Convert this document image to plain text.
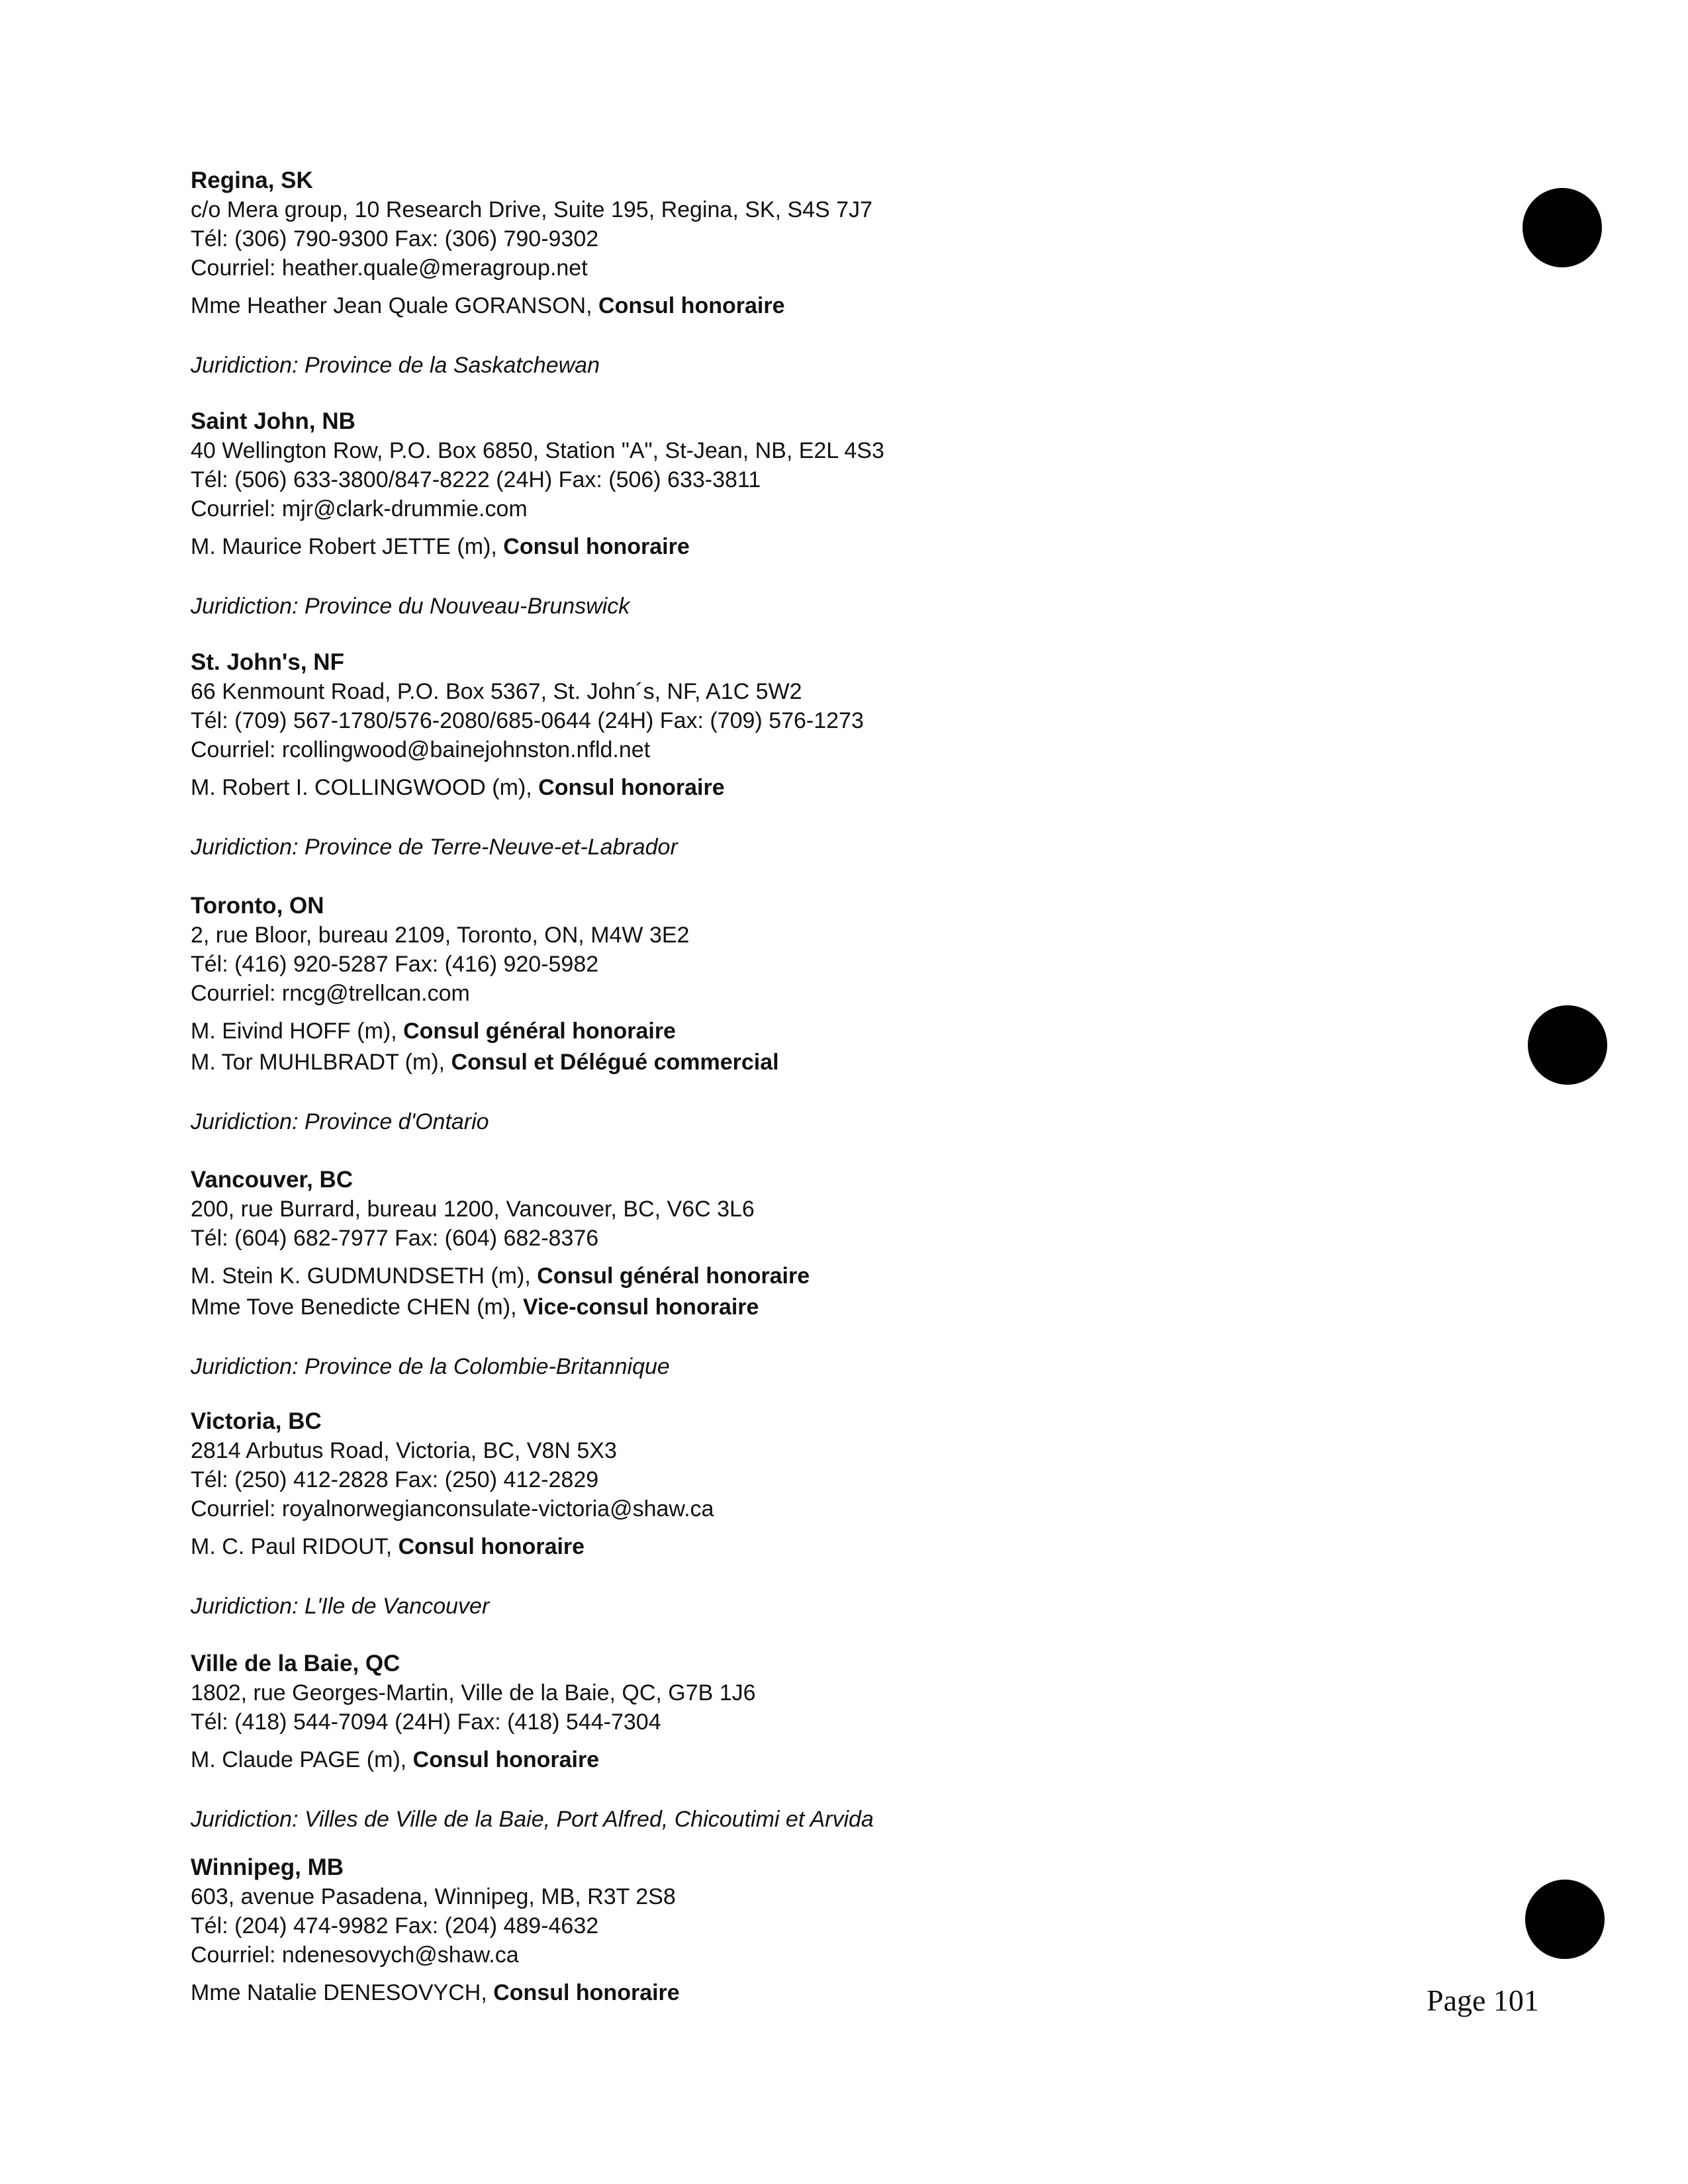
Regina, SK
c/o Mera group, 10 Research Drive, Suite 195, Regina, SK, S4S 7J7
Tél: (306) 790-9300 Fax: (306) 790-9302
Courriel: heather.quale@meragroup.net
Mme Heather Jean Quale GORANSON, Consul honoraire
Juridiction: Province de la Saskatchewan
Saint John, NB
40 Wellington Row, P.O. Box 6850, Station "A", St-Jean, NB, E2L 4S3
Tél: (506) 633-3800/847-8222 (24H) Fax: (506) 633-3811
Courriel: mjr@clark-drummie.com
M. Maurice Robert JETTE (m), Consul honoraire
Juridiction: Province du Nouveau-Brunswick
St. John's, NF
66 Kenmount Road, P.O. Box 5367, St. John´s, NF, A1C 5W2
Tél: (709) 567-1780/576-2080/685-0644 (24H) Fax: (709) 576-1273
Courriel: rcollingwood@bainejohnston.nfld.net
M. Robert I. COLLINGWOOD (m), Consul honoraire
Juridiction: Province de Terre-Neuve-et-Labrador
Toronto, ON
2, rue Bloor, bureau 2109, Toronto, ON, M4W 3E2
Tél: (416) 920-5287 Fax: (416) 920-5982
Courriel: rncg@trellcan.com
M. Eivind HOFF (m), Consul général honoraire
M. Tor MUHLBRADT (m), Consul et Délégué commercial
Juridiction: Province d'Ontario
Vancouver, BC
200, rue Burrard, bureau 1200, Vancouver, BC, V6C 3L6
Tél: (604) 682-7977 Fax: (604) 682-8376
M. Stein K. GUDMUNDSETH (m), Consul général honoraire
Mme Tove Benedicte CHEN (m), Vice-consul honoraire
Juridiction: Province de la Colombie-Britannique
Victoria, BC
2814 Arbutus Road, Victoria, BC, V8N 5X3
Tél: (250) 412-2828 Fax: (250) 412-2829
Courriel: royalnorwegianconsulate-victoria@shaw.ca
M. C. Paul RIDOUT, Consul honoraire
Juridiction: L'Ile de Vancouver
Ville de la Baie, QC
1802, rue Georges-Martin, Ville de la Baie, QC, G7B 1J6
Tél: (418) 544-7094 (24H) Fax: (418) 544-7304
M. Claude PAGE (m), Consul honoraire
Juridiction: Villes de Ville de la Baie, Port Alfred, Chicoutimi et Arvida
Winnipeg, MB
603, avenue Pasadena, Winnipeg, MB, R3T 2S8
Tél: (204) 474-9982 Fax: (204) 489-4632
Courriel: ndenesovych@shaw.ca
Mme Natalie DENESOVYCH, Consul honoraire	Page 101
